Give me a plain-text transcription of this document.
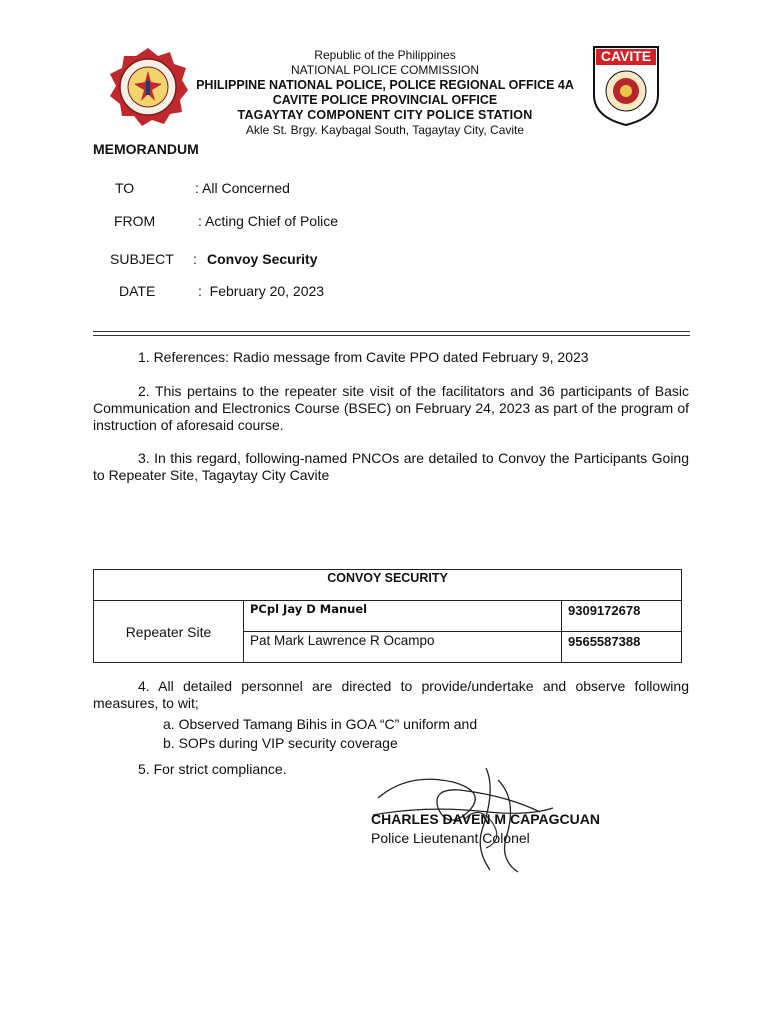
CAVITE
Republic of the Philippines
NATIONAL POLICE COMMISSION
PHILIPPINE NATIONAL POLICE, POLICE REGIONAL OFFICE 4A
CAVITE POLICE PROVINCIAL OFFICE
TAGAYTAY COMPONENT CITY POLICE STATION
Akle St. Brgy. Kaybagal South, Tagaytay City, Cavite
MEMORANDUM
TO	: All Concerned
FROM	: Acting Chief of Police
SUBJECT : Convoy Security
DATE	:  February 20, 2023
1. References: Radio message from Cavite PPO dated February 9, 2023
2. This pertains to the repeater site visit of the facilitators and 36 participants of Basic Communication and Electronics Course (BSEC) on February 24, 2023 as part of the program of instruction of aforesaid course.
3. In this regard, following-named PNCOs are detailed to Convoy the Participants Going to Repeater Site, Tagaytay City Cavite
CONVOY SECURITY		
Repeater Site	PCpl Jay D Manuel	9309172678
	Pat Mark Lawrence R Ocampo	9565587388
4. All detailed personnel are directed to provide/undertake and observe following measures, to wit;
a. Observed Tamang Bihis in GOA “C” uniform and
b. SOPs during VIP security coverage
5. For strict compliance.
CHARLES DAVEN M CAPAGCUAN
Police Lieutenant Colonel
